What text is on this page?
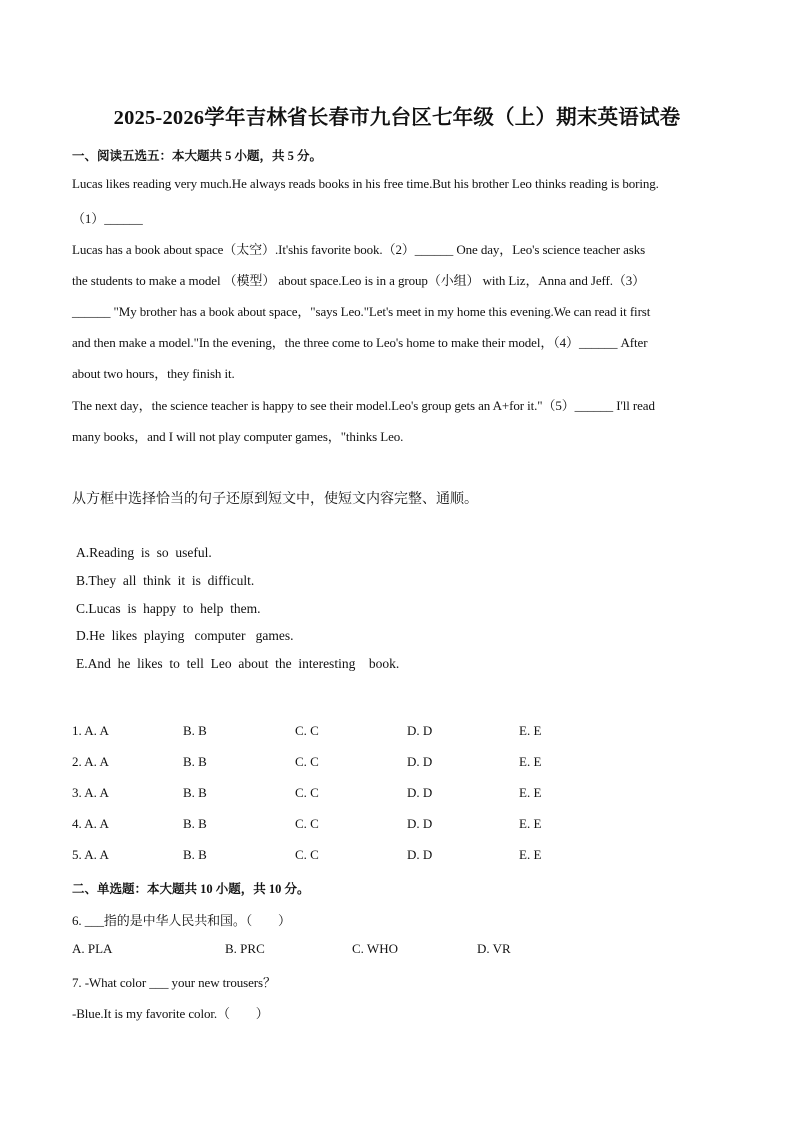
2025-2026学年吉林省长春市九台区七年级（上）期末英语试卷
一、阅读五选五：本大题共 5 小题，共 5 分。
Lucas likes reading very much.He always reads books in his free time.But his brother Leo thinks reading is boring.
（1）______
Lucas has a book about space（太空）.It'shis favorite book.（2）______ One day，Leo's science teacher asks
the students to make a model （模型） about space.Leo is in a group（小组） with Liz，Anna and Jeff.（3）
______ "My brother has a book about space，"says Leo."Let's meet in my home this evening.We can read it first
and then make a model."In the evening，the three come to Leo's home to make their model，（4）______ After
about two hours，they finish it.
The next day，the science teacher is happy to see their model.Leo's group gets an A+for it."（5）______ I'll read
many books，and I will not play computer games，"thinks Leo.
从方框中选择恰当的句子还原到短文中，使短文内容完整、通顺。
A.Reading  is  so  useful.
B.They  all  think  it  is  difficult.
C.Lucas  is  happy  to  help  them.
D.He  likes  playing   computer   games.
E.And  he  likes  to  tell  Leo  about  the  interesting    book.
1. A. A	B. B	C. C	D. D	E. E
2. A. A	B. B	C. C	D. D	E. E
3. A. A	B. B	C. C	D. D	E. E
4. A. A	B. B	C. C	D. D	E. E
5. A. A	B. B	C. C	D. D	E. E
二、单选题：本大题共 10 小题，共 10 分。
6. ___指的是中华人民共和国。（　　）
A. PLA	B. PRC	C. WHO	D. VR
7. -What color ___ your new trousers？
-Blue.It is my favorite color.（　　）
